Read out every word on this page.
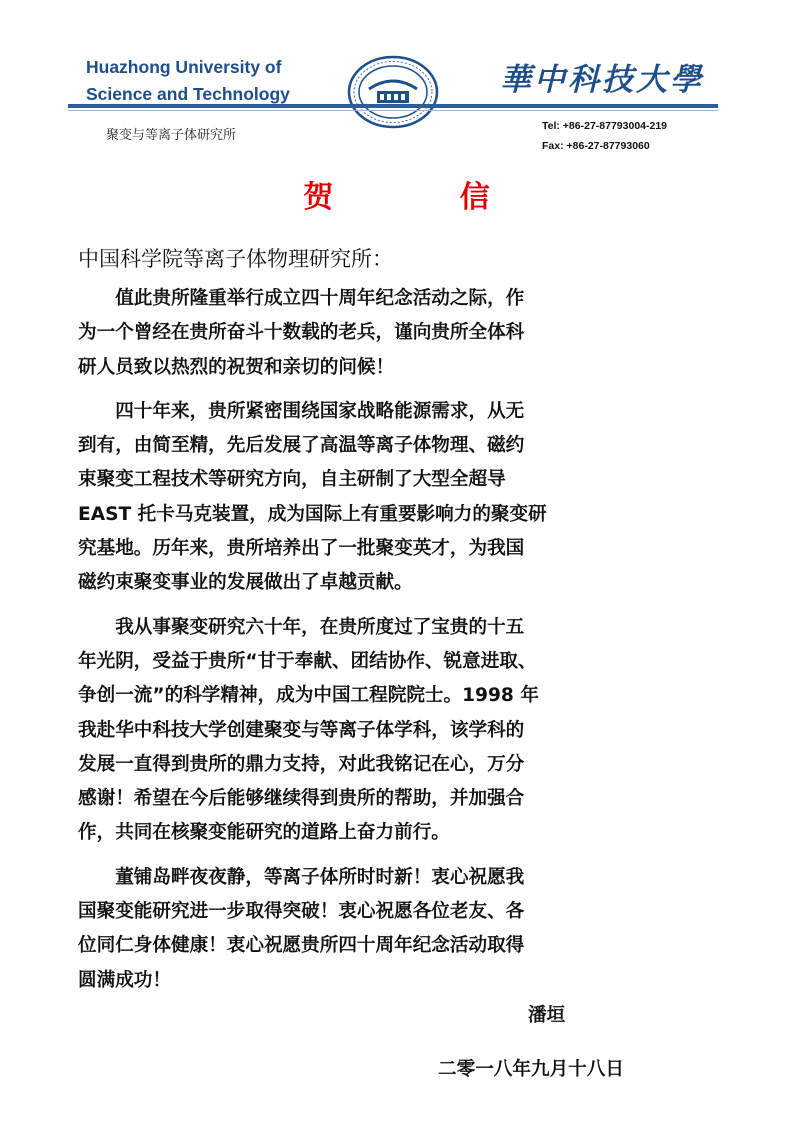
Huazhong University of
Science and Technology	華中科技大學
聚变与等离子体研究所
Tel: +86-27-87793004-219
Fax: +86-27-87793060
贺 信
中国科学院等离子体物理研究所：

值此贵所隆重举行成立四十周年纪念活动之际，作
为一个曾经在贵所奋斗十数载的老兵，谨向贵所全体科
研人员致以热烈的祝贺和亲切的问候！

四十年来，贵所紧密围绕国家战略能源需求，从无
到有，由简至精，先后发展了高温等离子体物理、磁约
束聚变工程技术等研究方向，自主研制了大型全超导
EAST 托卡马克装置，成为国际上有重要影响力的聚变研
究基地。历年来，贵所培养出了一批聚变英才，为我国
磁约束聚变事业的发展做出了卓越贡献。

我从事聚变研究六十年，在贵所度过了宝贵的十五
年光阴，受益于贵所“甘于奉献、团结协作、锐意进取、
争创一流”的科学精神，成为中国工程院院士。1998 年
我赴华中科技大学创建聚变与等离子体学科，该学科的
发展一直得到贵所的鼎力支持，对此我铭记在心，万分
感谢！希望在今后能够继续得到贵所的帮助，并加强合
作，共同在核聚变能研究的道路上奋力前行。

董铺岛畔夜夜静，等离子体所时时新！衷心祝愿我
国聚变能研究进一步取得突破！衷心祝愿各位老友、各
位同仁身体健康！衷心祝愿贵所四十周年纪念活动取得
圆满成功！

潘垣
二零一八年九月十八日
